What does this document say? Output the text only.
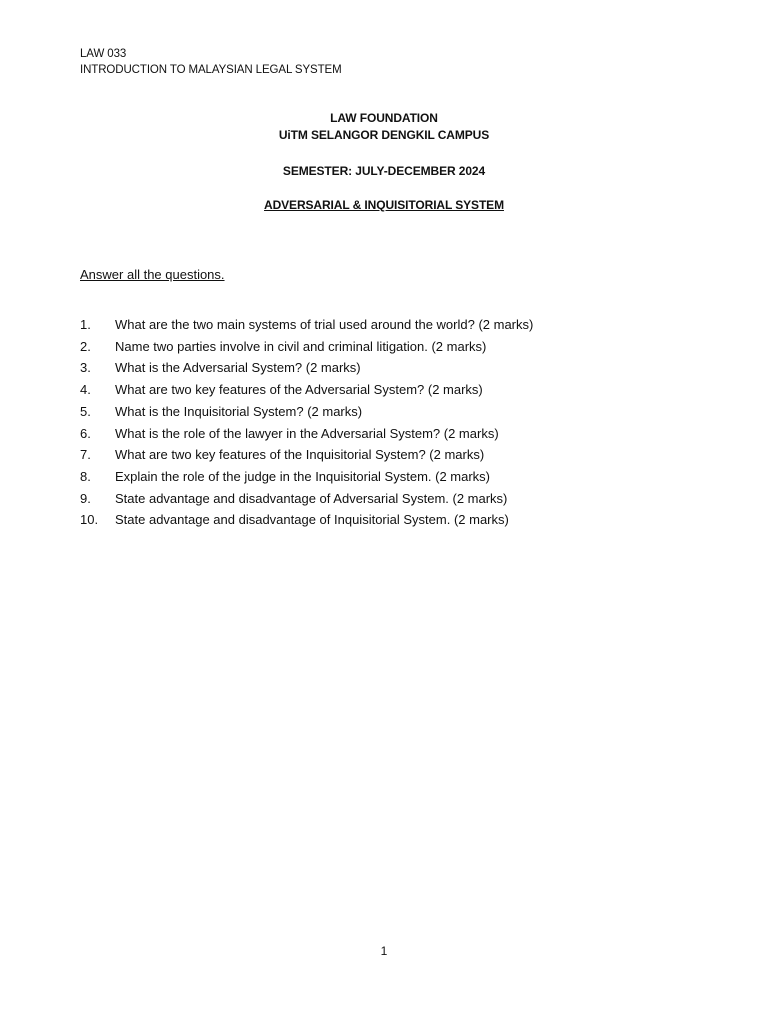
LAW 033
INTRODUCTION TO MALAYSIAN LEGAL SYSTEM
LAW FOUNDATION
UiTM SELANGOR DENGKIL CAMPUS
SEMESTER: JULY-DECEMBER 2024
ADVERSARIAL & INQUISITORIAL SYSTEM
Answer all the questions.
1.	What are the two main systems of trial used around the world? (2 marks)
2.	Name two parties involve in civil and criminal litigation. (2 marks)
3.	What is the Adversarial System? (2 marks)
4.	What are two key features of the Adversarial System? (2 marks)
5.	What is the Inquisitorial System? (2 marks)
6.	What is the role of the lawyer in the Adversarial System? (2 marks)
7.	What are two key features of the Inquisitorial System? (2 marks)
8.	Explain the role of the judge in the Inquisitorial System. (2 marks)
9.	State advantage and disadvantage of Adversarial System. (2 marks)
10.	State advantage and disadvantage of Inquisitorial System. (2 marks)
1
